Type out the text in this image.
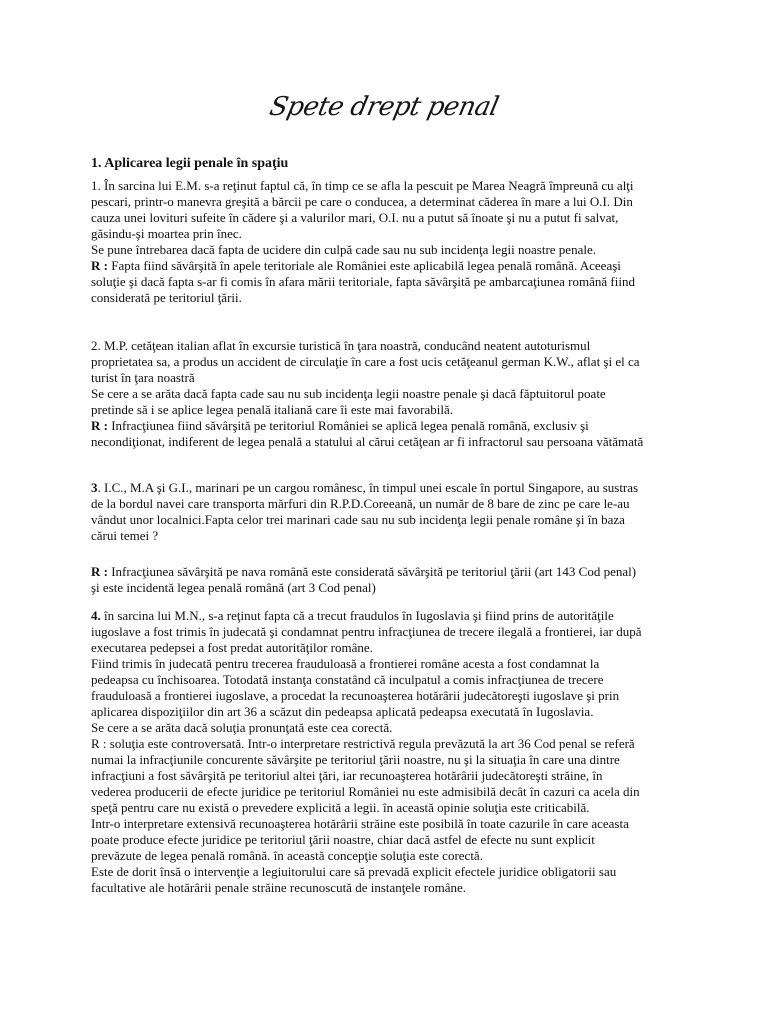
Spete drept penal
1. Aplicarea legii penale în spaţiu
1. În sarcina lui E.M. s-a reţinut faptul că, în timp ce se afla la pescuit pe Marea Neagră împreună cu alţi
pescari, printr-o manevra greşită a bărcii pe care o conducea, a determinat căderea în mare a lui O.I. Din
cauza unei lovituri sufeite în cădere şi a valurilor mari, O.I. nu a putut să înoate şi nu a putut fi salvat,
găsindu-şi moartea prin înec.
Se pune întrebarea dacă fapta de ucidere din culpă cade sau nu sub incidenţa legii noastre penale.
R : Fapta fiind săvârşită în apele teritoriale ale României este aplicabilă legea penală română. Aceeaşi
soluţie şi dacă fapta s-ar fi comis în afara mării teritoriale, fapta săvârşită pe ambarcaţiunea română fiind
considerată pe teritoriul ţării.
2. M.P. cetăţean italian aflat în excursie turistică în ţara noastră, conducând neatent autoturismul
proprietatea sa, a produs un accident de circulaţie în care a fost ucis cetăţeanul german K.W., aflat şi el ca
turist în ţara noastră
Se cere a se arăta dacă fapta cade sau nu sub incidenţa legii noastre penale şi dacă făptuitorul poate
pretinde să i se aplice legea penală italiană care îi este mai favorabilă.
R : Infracţiunea fiind săvârşită pe teritoriul României se aplică legea penală română, exclusiv şi
necondiţionat, indiferent de legea penală a statului al cărui cetăţean ar fi infractorul sau persoana vătămată
3. I.C., M.A şi G.I., marinari pe un cargou românesc, în timpul unei escale în portul Singapore, au sustras
de la bordul navei care transporta mărfuri din R.P.D.Coreeană, un număr de 8 bare de zinc pe care le-au
vândut unor localnici.Fapta celor trei marinari cade sau nu sub incidenţa legii penale române şi în baza
cărui temei ?
R : Infracţiunea săvârşită pe nava română este considerată săvârşită pe teritoriul ţării (art 143 Cod penal)
şi este incidentă legea penală română (art 3 Cod penal)
4. în sarcina lui M.N., s-a reţinut fapta că a trecut fraudulos în Iugoslavia şi fiind prins de autorităţile
iugoslave a fost trimis în judecată şi condamnat pentru infracţiunea de trecere ilegală a frontierei, iar după
executarea pedepsei a fost predat autorităţilor române.
Fiind trimis în judecată pentru trecerea frauduloasă a frontierei române acesta a fost condamnat la
pedeapsa cu închisoarea. Totodată instanţa constatând că inculpatul a comis infracţiunea de trecere
frauduloasă a frontierei iugoslave, a procedat la recunoaşterea hotărârii judecătoreşti iugoslave şi prin
aplicarea dispoziţiilor din art 36 a scăzut din pedeapsa aplicată pedeapsa executată în Iugoslavia.
Se cere a se arăta dacă soluţia pronunţată este cea corectă.
R : soluţia este controversată. Intr-o interpretare restrictivă regula prevăzută la art 36 Cod penal se referă
numai la infracţiunile concurente săvârşite pe teritoriul ţării noastre, nu şi la situaţia în care una dintre
infracţiuni a fost săvârşită pe teritoriul altei ţări, iar recunoaşterea hotărârii judecătoreşti străine, în
vederea producerii de efecte juridice pe teritoriul României nu este admisibilă decât în cazuri ca acela din
speţă pentru care nu există o prevedere explicită a legii. în această opinie soluţia este criticabilă.
Intr-o interpretare extensivă recunoaşterea hotărârii străine este posibilă în toate cazurile în care aceasta
poate produce efecte juridice pe teritoriul ţării noastre, chiar dacă astfel de efecte nu sunt explicit
prevăzute de legea penală română. în această concepţie soluţia este corectă.
Este de dorit însă o intervenţie a legiuitorului care să prevadă explicit efectele juridice obligatorii sau
facultative ale hotărârii penale străine recunoscută de instanţele române.
